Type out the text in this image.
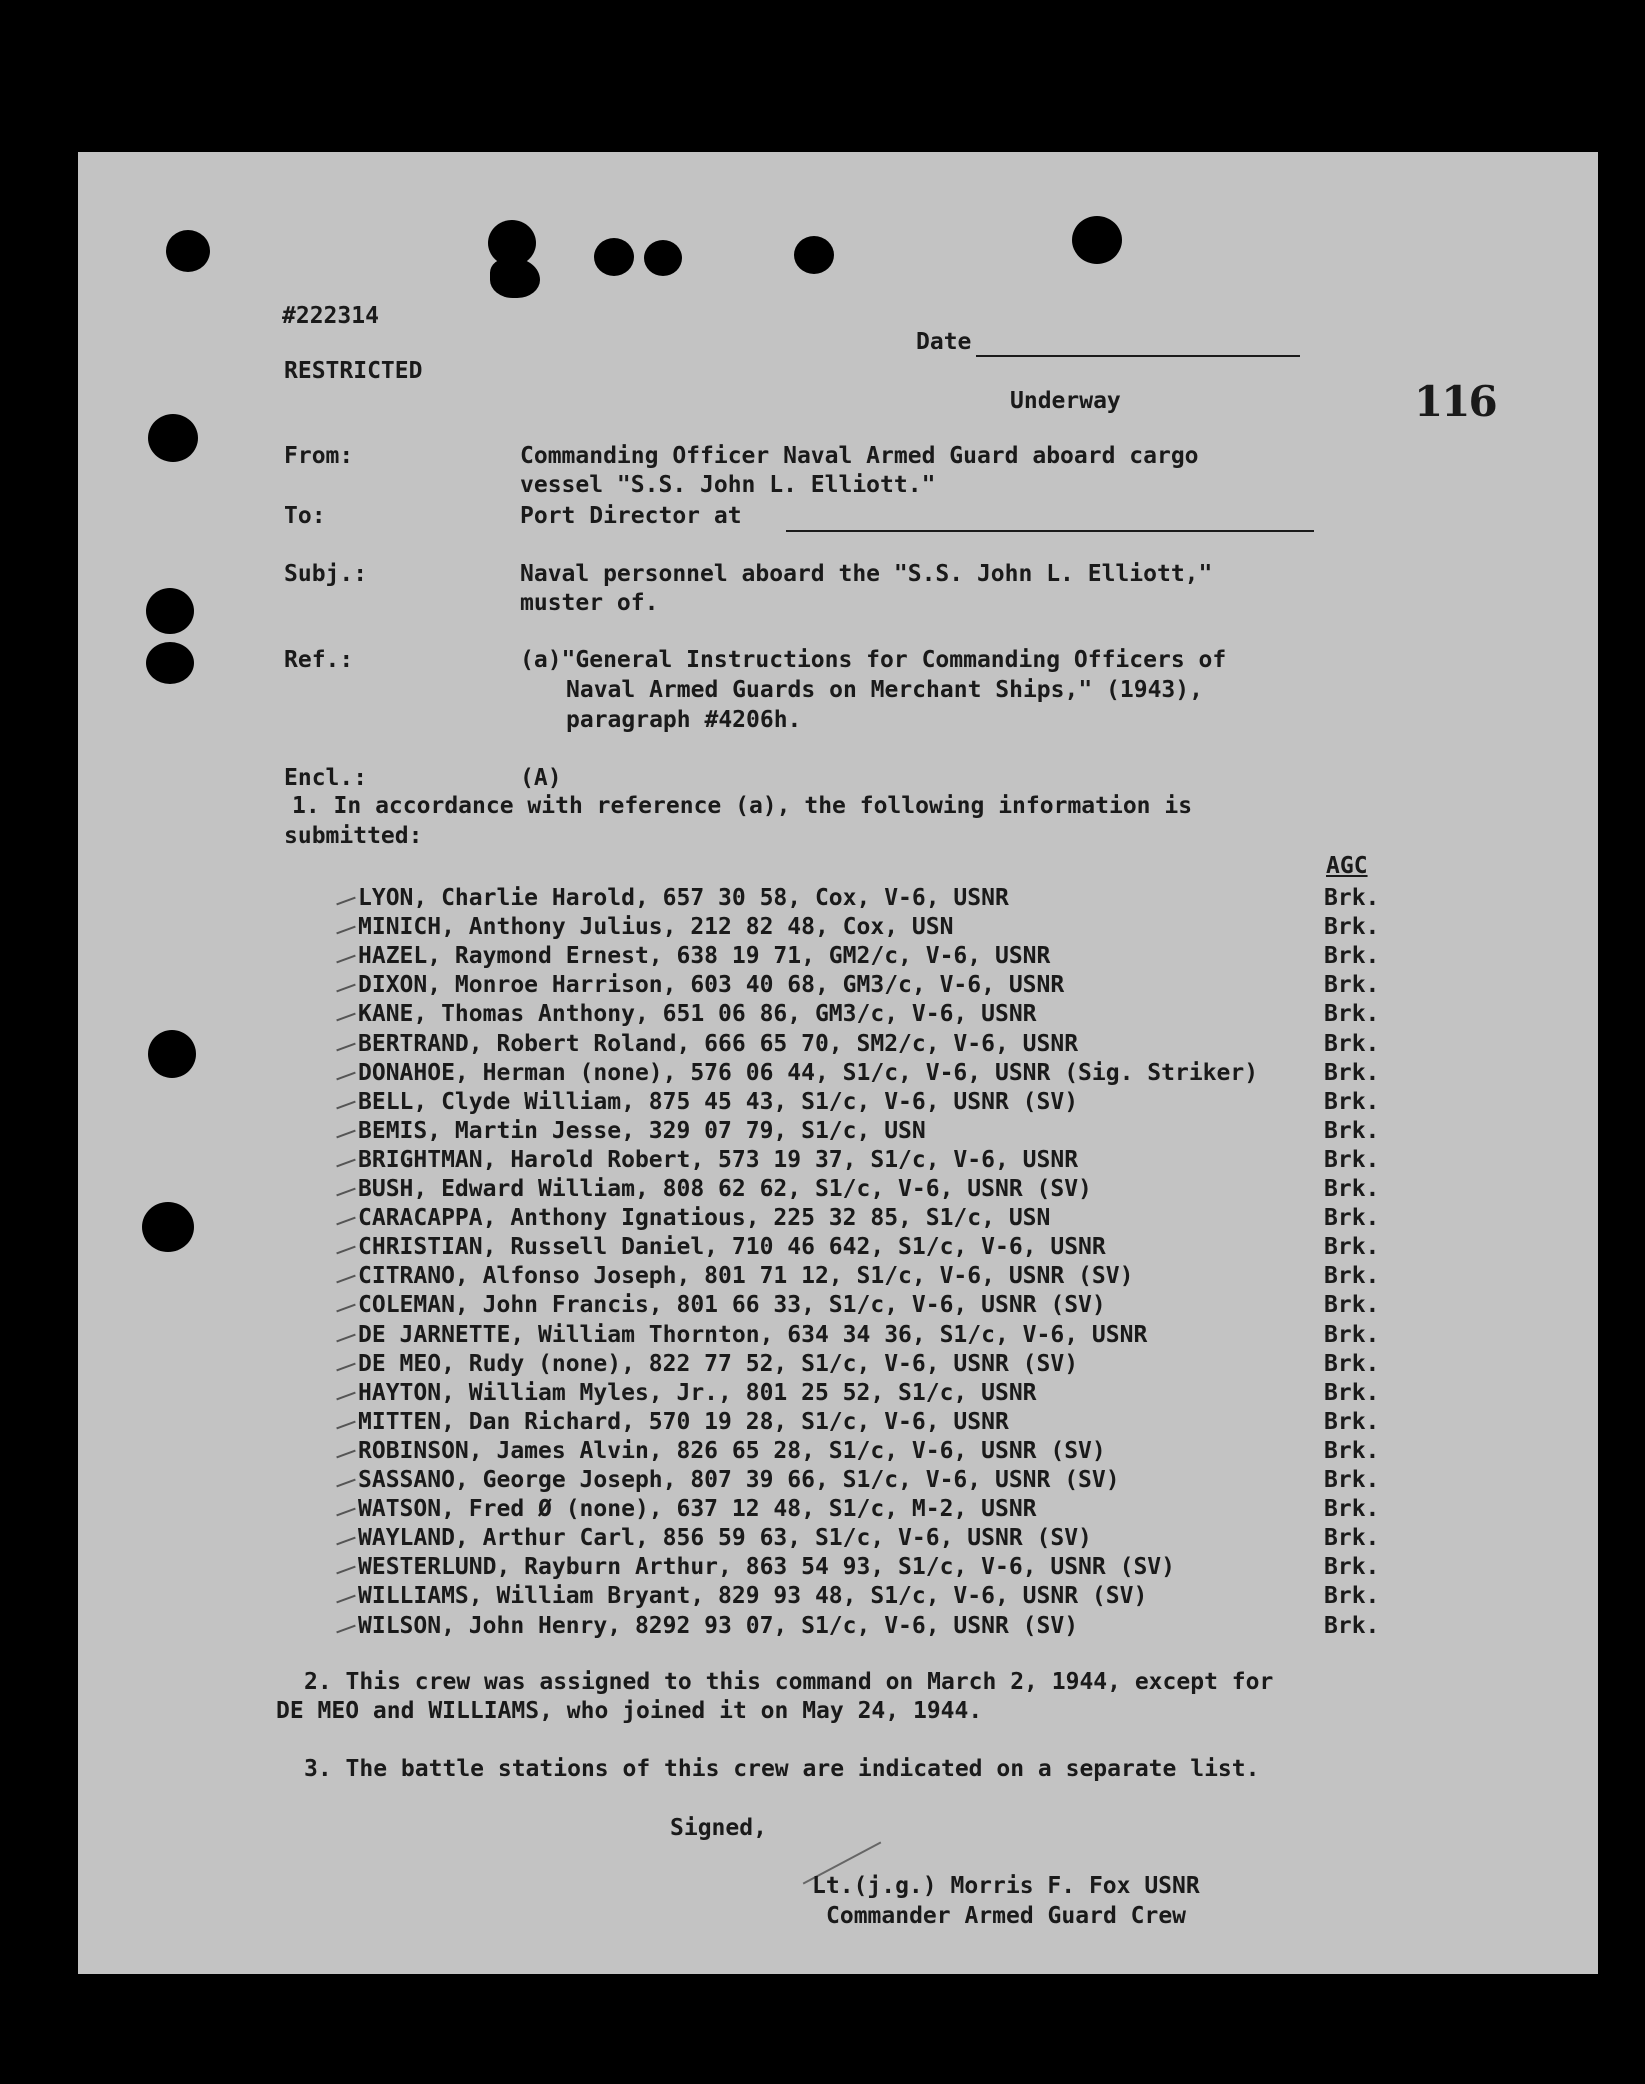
#222314
RESTRICTED
Date
Underway	116
From:	Commanding Officer Naval Armed Guard aboard cargo
vessel "S.S. John L. Elliott."
To:	Port Director at
Subj.:	Naval personnel aboard the "S.S. John L. Elliott,"
muster of.
Ref.:	(a)"General Instructions for Commanding Officers of
Naval Armed Guards on Merchant Ships," (1943),
paragraph #4206h.
Encl.:	(A)
1. In accordance with reference (a), the following information is
submitted:
AGC
LYON, Charlie Harold, 657 30 58, Cox, V-6, USNR	Brk.
MINICH, Anthony Julius, 212 82 48, Cox, USN	Brk.
HAZEL, Raymond Ernest, 638 19 71, GM2/c, V-6, USNR	Brk.
DIXON, Monroe Harrison, 603 40 68, GM3/c, V-6, USNR	Brk.
KANE, Thomas Anthony, 651 06 86, GM3/c, V-6, USNR	Brk.
BERTRAND, Robert Roland, 666 65 70, SM2/c, V-6, USNR	Brk.
DONAHOE, Herman (none), 576 06 44, S1/c, V-6, USNR (Sig. Striker)	Brk.
BELL, Clyde William, 875 45 43, S1/c, V-6, USNR (SV)	Brk.
BEMIS, Martin Jesse, 329 07 79, S1/c, USN	Brk.
BRIGHTMAN, Harold Robert, 573 19 37, S1/c, V-6, USNR	Brk.
BUSH, Edward William, 808 62 62, S1/c, V-6, USNR (SV)	Brk.
CARACAPPA, Anthony Ignatious, 225 32 85, S1/c, USN	Brk.
CHRISTIAN, Russell Daniel, 710 46 642, S1/c, V-6, USNR	Brk.
CITRANO, Alfonso Joseph, 801 71 12, S1/c, V-6, USNR (SV)	Brk.
COLEMAN, John Francis, 801 66 33, S1/c, V-6, USNR (SV)	Brk.
DE JARNETTE, William Thornton, 634 34 36, S1/c, V-6, USNR	Brk.
DE MEO, Rudy (none), 822 77 52, S1/c, V-6, USNR (SV)	Brk.
HAYTON, William Myles, Jr., 801 25 52, S1/c, USNR	Brk.
MITTEN, Dan Richard, 570 19 28, S1/c, V-6, USNR	Brk.
ROBINSON, James Alvin, 826 65 28, S1/c, V-6, USNR (SV)	Brk.
SASSANO, George Joseph, 807 39 66, S1/c, V-6, USNR (SV)	Brk.
WATSON, Fred Ø (none), 637 12 48, S1/c, M-2, USNR	Brk.
WAYLAND, Arthur Carl, 856 59 63, S1/c, V-6, USNR (SV)	Brk.
WESTERLUND, Rayburn Arthur, 863 54 93, S1/c, V-6, USNR (SV)	Brk.
WILLIAMS, William Bryant, 829 93 48, S1/c, V-6, USNR (SV)	Brk.
WILSON, John Henry, 8292 93 07, S1/c, V-6, USNR (SV)	Brk.
2. This crew was assigned to this command on March 2, 1944, except for
DE MEO and WILLIAMS, who joined it on May 24, 1944.
3. The battle stations of this crew are indicated on a separate list.
Signed,
Lt.(j.g.) Morris F. Fox USNR
Commander Armed Guard Crew
